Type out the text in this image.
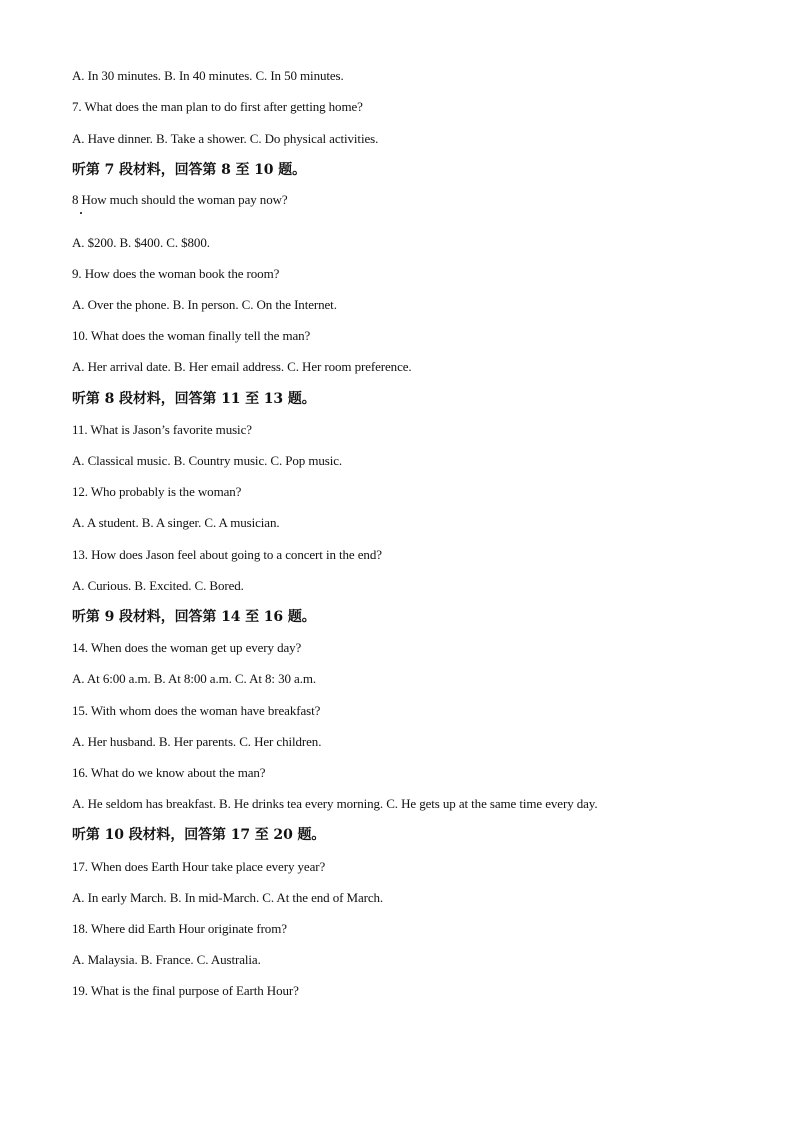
A. In 30 minutes. B. In 40 minutes. C. In 50 minutes.
7. What does the man plan to do first after getting home?
A. Have dinner. B. Take a shower. C. Do physical activities.
听第 7 段材料，回答第 8 至 10 题。
8 How much should the woman pay now?
A. $200. B. $400. C. $800.
9. How does the woman book the room?
A. Over the phone. B. In person. C. On the Internet.
10. What does the woman finally tell the man?
A. Her arrival date. B. Her email address. C. Her room preference.
听第 8 段材料，回答第 11 至 13 题。
11. What is Jason’s favorite music?
A. Classical music. B. Country music. C. Pop music.
12. Who probably is the woman?
A. A student. B. A singer. C. A musician.
13. How does Jason feel about going to a concert in the end?
A. Curious. B. Excited. C. Bored.
听第 9 段材料，回答第 14 至 16 题。
14. When does the woman get up every day?
A. At 6:00 a.m. B. At 8:00 a.m. C. At 8: 30 a.m.
15. With whom does the woman have breakfast?
A. Her husband. B. Her parents. C. Her children.
16. What do we know about the man?
A. He seldom has breakfast. B. He drinks tea every morning. C. He gets up at the same time every day.
听第 10 段材料，回答第 17 至 20 题。
17. When does Earth Hour take place every year?
A. In early March. B. In mid-March. C. At the end of March.
18. Where did Earth Hour originate from?
A. Malaysia. B. France. C. Australia.
19. What is the final purpose of Earth Hour?
